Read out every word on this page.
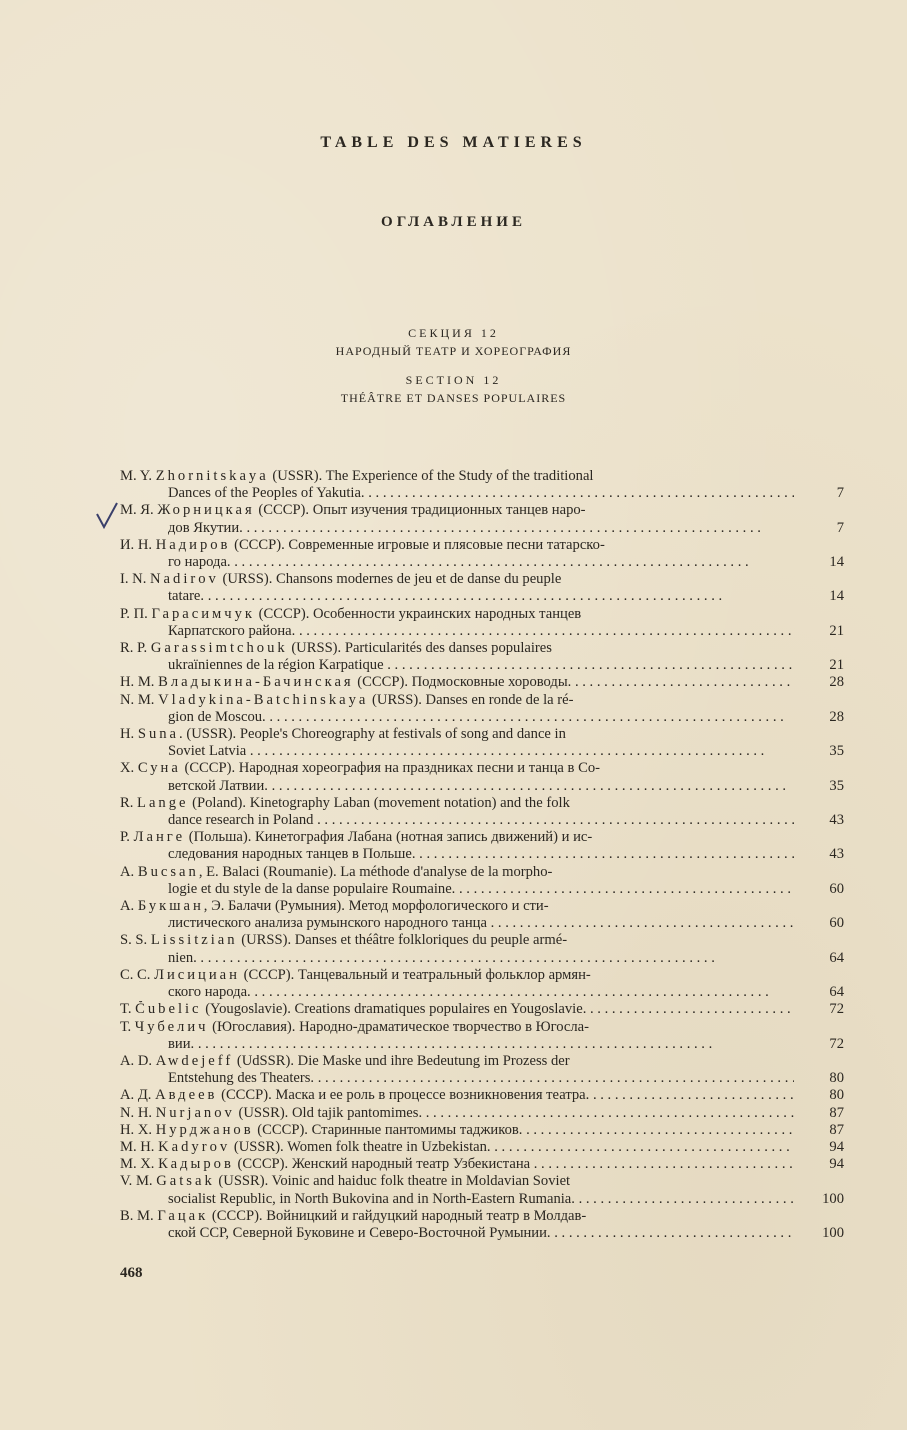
TABLE DES MATIERES
ОГЛАВЛЕНИЕ
СЕКЦИЯ 12
НАРОДНЫЙ ТЕАТР И ХОРЕОГРАФИЯ
SECTION 12
THÉÂTRE ET DANSES POPULAIRES
M. Y. Zhornitskaya (USSR). The Experience of the Study of the traditional
Dances of the Peoples of Yakutia. . . .	7
М. Я. Жорницкая (СССР). Опыт изучения традиционных танцев наро-
дов Якутии. . . .	7
И. Н. Надиров (СССР). Современные игровые и плясовые песни татарско-
го народа. . . .	14
I. N. Nadirov (URSS). Chansons modernes de jeu et de danse du peuple
tatare. . . .	14
Р. П. Гарасимчук (СССР). Особенности украинских народных танцев
Карпатского района. . . .	21
R. P. Garassimtchouk (URSS). Particularités des danses populaires
ukraïniennes de la région Karpatique . . .	21
Н. М. Владыкина-Бачинская (СССР). Подмосковные хороводы. . . .	28
N. M. Vladykina-Batchinskaya (URSS). Danses en ronde de la ré-
gion de Moscou. . . .	28
H. Suna. (USSR). People's Choreography at festivals of song and dance in
Soviet Latvia . . .	35
Х. Суна (СССР). Народная хореография на праздниках песни и танца в Со-
ветской Латвии. . . .	35
R. Lange (Poland). Kinetography Laban (movement notation) and the folk
dance research in Poland . . .	43
Р. Ланге (Польша). Кинетография Лабана (нотная запись движений) и ис-
следования народных танцев в Польше. . . .	43
A. Bucsan, E. Balaci (Roumanie). La méthode d'analyse de la morpho-
logie et du style de la danse populaire Roumaine. . . .	60
А. Букшан, Э. Балачи (Румыния). Метод морфологического и сти-
листического анализа румынского народного танца . . .	60
S. S. Lissitzian (URSS). Danses et théâtre folkloriques du peuple armé-
nien. . . .	64
С. С. Лисициан (СССР). Танцевальный и театральный фольклор армян-
ского народа. . . .	64
T. Čubelic (Yougoslavie). Creations dramatiques populaires en Yougoslavie. . . .	72
Т. Чубелич (Югославия). Народно-драматическое творчество в Югосла-
вии. . . .	72
A. D. Awdejeff (UdSSR). Die Maske und ihre Bedeutung im Prozess der
Entstehung des Theaters. . . .	80
А. Д. Авдеев (СССР). Маска и ее роль в процессе возникновения театра. . . .	80
N. H. Nurjanov (USSR). Old tajik pantomimes. . . .	87
Н. Х. Нурджанов (СССР). Старинные пантомимы таджиков. . . .	87
M. H. Kadyrov (USSR). Women folk theatre in Uzbekistan. . . .	94
М. Х. Кадыров (СССР). Женский народный театр Узбекистана . . .	94
V. M. Gatsak (USSR). Voinic and haiduc folk theatre in Moldavian Soviet
socialist Republic, in North Bukovina and in North-Eastern Rumania. . . .	100
В. М. Гацак (СССР). Войницкий и гайдуцкий народный театр в Молдав-
ской ССР, Северной Буковине и Северо-Восточной Румынии. . . .	100
468
